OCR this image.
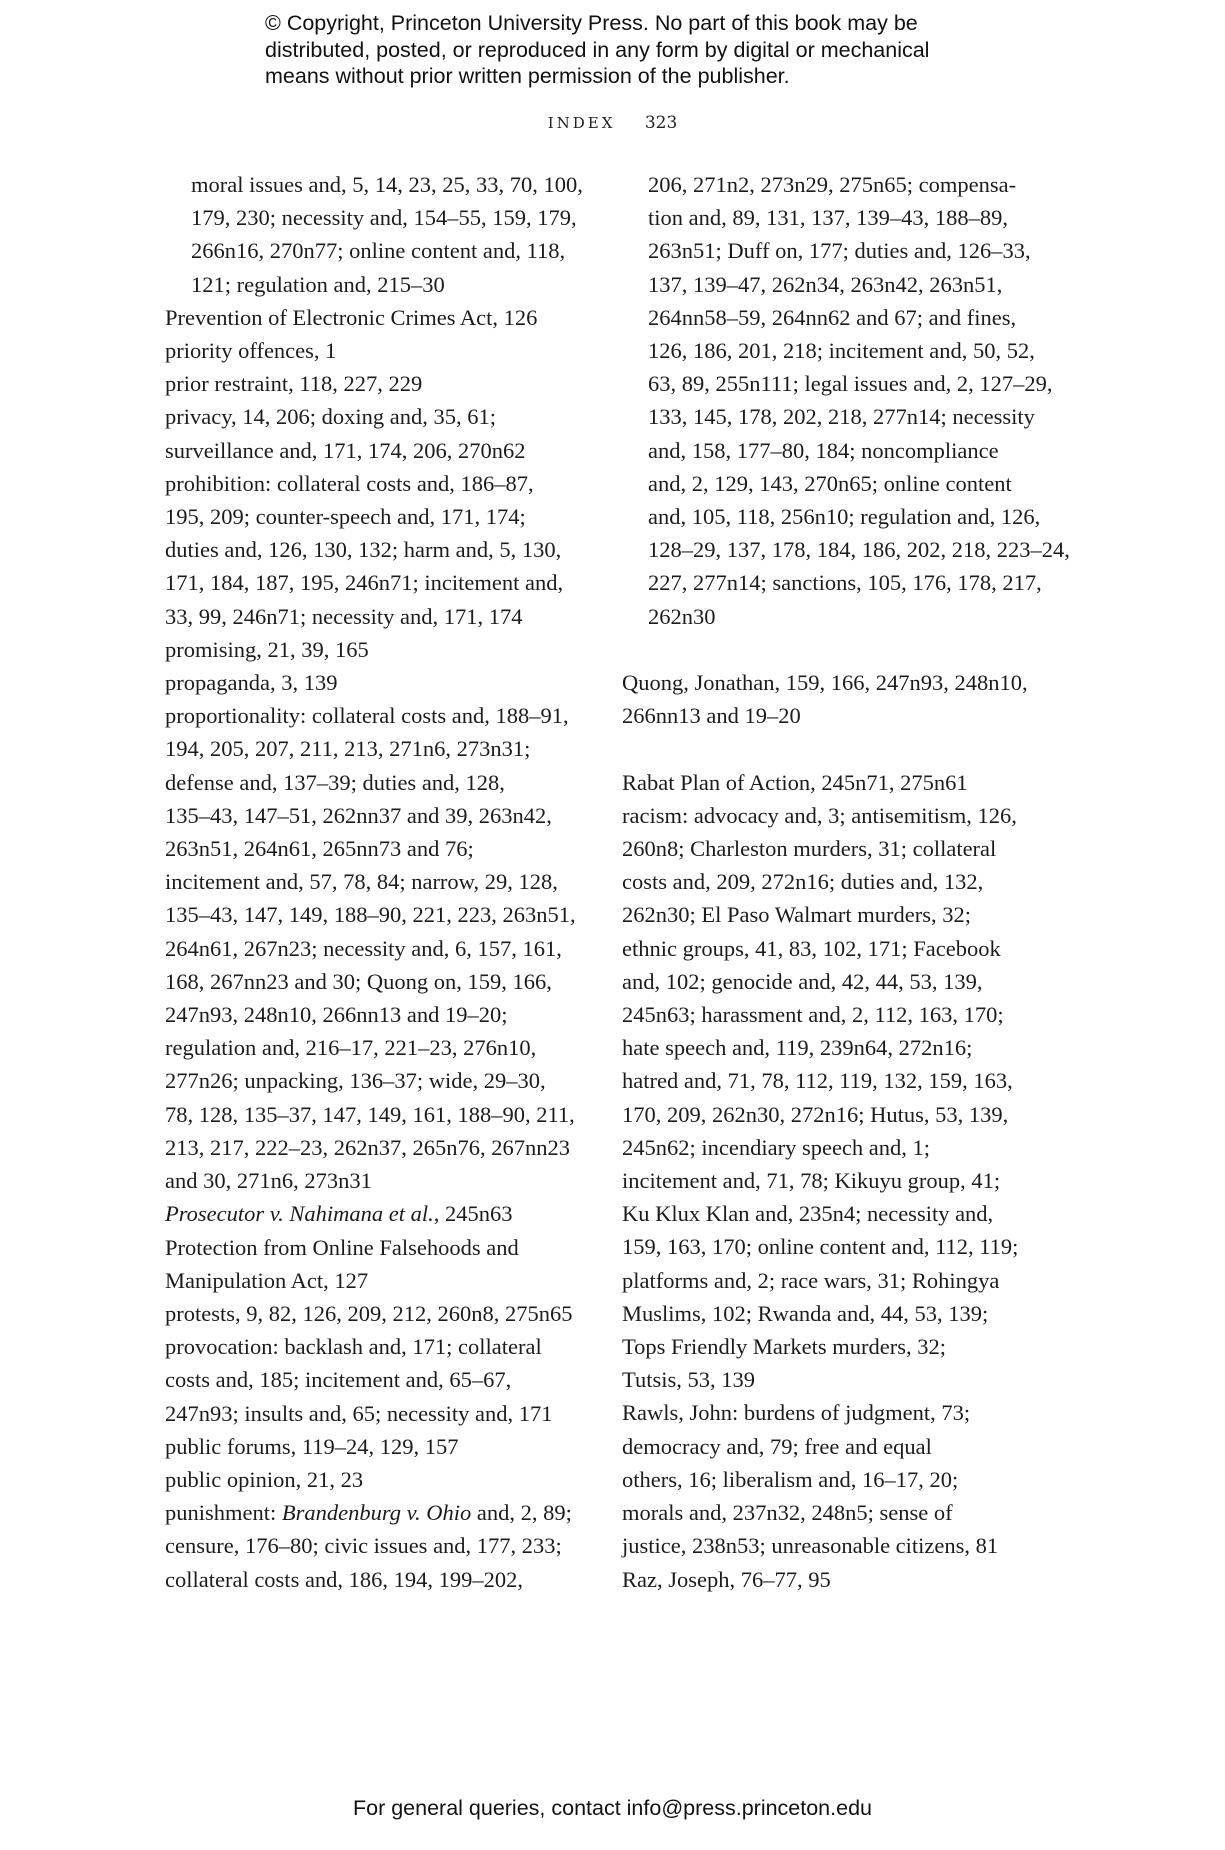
© Copyright, Princeton University Press. No part of this book may be
distributed, posted, or reproduced in any form by digital or mechanical
means without prior written permission of the publisher.
INDEX 323
moral issues and, 5, 14, 23, 25, 33, 70, 100,
179, 230; necessity and, 154–55, 159, 179,
266n16, 270n77; online content and, 118,
121; regulation and, 215–30
Prevention of Electronic Crimes Act, 126
priority offences, 1
prior restraint, 118, 227, 229
privacy, 14, 206; doxing and, 35, 61;
surveillance and, 171, 174, 206, 270n62
prohibition: collateral costs and, 186–87,
195, 209; counter-speech and, 171, 174;
duties and, 126, 130, 132; harm and, 5, 130,
171, 184, 187, 195, 246n71; incitement and,
33, 99, 246n71; necessity and, 171, 174
promising, 21, 39, 165
propaganda, 3, 139
proportionality: collateral costs and, 188–91,
194, 205, 207, 211, 213, 271n6, 273n31;
defense and, 137–39; duties and, 128,
135–43, 147–51, 262nn37 and 39, 263n42,
263n51, 264n61, 265nn73 and 76;
incitement and, 57, 78, 84; narrow, 29, 128,
135–43, 147, 149, 188–90, 221, 223, 263n51,
264n61, 267n23; necessity and, 6, 157, 161,
168, 267nn23 and 30; Quong on, 159, 166,
247n93, 248n10, 266nn13 and 19–20;
regulation and, 216–17, 221–23, 276n10,
277n26; unpacking, 136–37; wide, 29–30,
78, 128, 135–37, 147, 149, 161, 188–90, 211,
213, 217, 222–23, 262n37, 265n76, 267nn23
and 30, 271n6, 273n31
Prosecutor v. Nahimana et al., 245n63
Protection from Online Falsehoods and
Manipulation Act, 127
protests, 9, 82, 126, 209, 212, 260n8, 275n65
provocation: backlash and, 171; collateral
costs and, 185; incitement and, 65–67,
247n93; insults and, 65; necessity and, 171
public forums, 119–24, 129, 157
public opinion, 21, 23
punishment: Brandenburg v. Ohio and, 2, 89;
censure, 176–80; civic issues and, 177, 233;
collateral costs and, 186, 194, 199–202,
206, 271n2, 273n29, 275n65; compensa-
tion and, 89, 131, 137, 139–43, 188–89,
263n51; Duff on, 177; duties and, 126–33,
137, 139–47, 262n34, 263n42, 263n51,
264nn58–59, 264nn62 and 67; and fines,
126, 186, 201, 218; incitement and, 50, 52,
63, 89, 255n111; legal issues and, 2, 127–29,
133, 145, 178, 202, 218, 277n14; necessity
and, 158, 177–80, 184; noncompliance
and, 2, 129, 143, 270n65; online content
and, 105, 118, 256n10; regulation and, 126,
128–29, 137, 178, 184, 186, 202, 218, 223–24,
227, 277n14; sanctions, 105, 176, 178, 217,
262n30
Quong, Jonathan, 159, 166, 247n93, 248n10,
266nn13 and 19–20
Rabat Plan of Action, 245n71, 275n61
racism: advocacy and, 3; antisemitism, 126,
260n8; Charleston murders, 31; collateral
costs and, 209, 272n16; duties and, 132,
262n30; El Paso Walmart murders, 32;
ethnic groups, 41, 83, 102, 171; Facebook
and, 102; genocide and, 42, 44, 53, 139,
245n63; harassment and, 2, 112, 163, 170;
hate speech and, 119, 239n64, 272n16;
hatred and, 71, 78, 112, 119, 132, 159, 163,
170, 209, 262n30, 272n16; Hutus, 53, 139,
245n62; incendiary speech and, 1;
incitement and, 71, 78; Kikuyu group, 41;
Ku Klux Klan and, 235n4; necessity and,
159, 163, 170; online content and, 112, 119;
platforms and, 2; race wars, 31; Rohingya
Muslims, 102; Rwanda and, 44, 53, 139;
Tops Friendly Markets murders, 32;
Tutsis, 53, 139
Rawls, John: burdens of judgment, 73;
democracy and, 79; free and equal
others, 16; liberalism and, 16–17, 20;
morals and, 237n32, 248n5; sense of
justice, 238n53; unreasonable citizens, 81
Raz, Joseph, 76–77, 95
For general queries, contact info@press.princeton.edu
